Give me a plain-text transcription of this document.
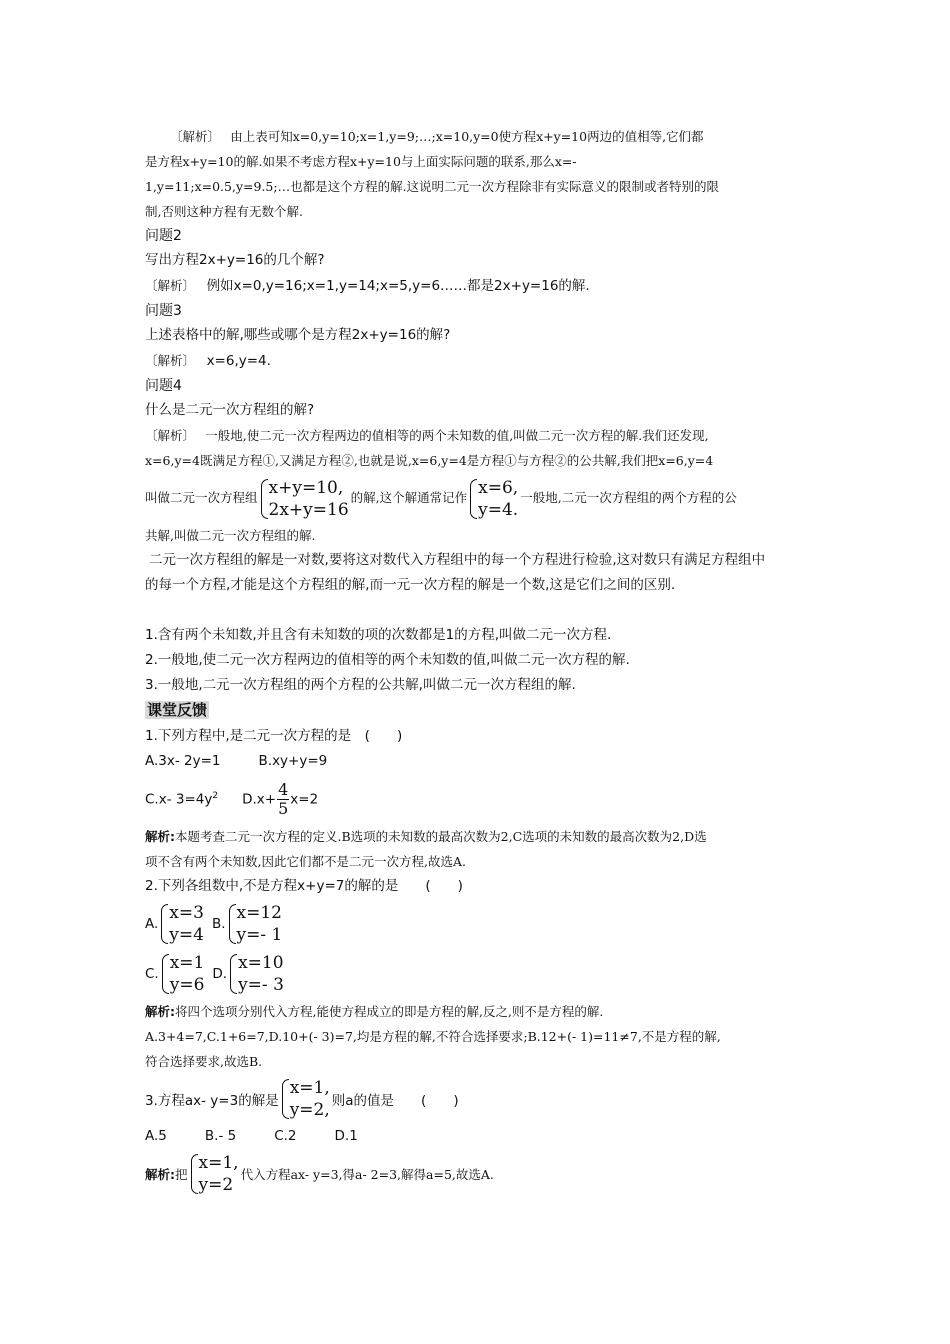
〔解析〕　 由上表可知x=0,y=10;x=1,y=9;…;x=10,y=0使方程x+y=10两边的值相等,它们都

是方程x+y=10的解.如果不考虑方程x+y=10与上面实际问题的联系,那么x=-

1,y=11;x=0.5,y=9.5;…也都是这个方程的解.这说明二元一次方程除非有实际意义的限制或者特别的限

制,否则这种方程有无数个解.

问题2

写出方程2x+y=16的几个解?

〔解析〕　 例如x=0,y=16;x=1,y=14;x=5,y=6……都是2x+y=16的解.

问题3

上述表格中的解,哪些或哪个是方程2x+y=16的解?

〔解析〕　 x=6,y=4.

问题4

什么是二元一次方程组的解?

〔解析〕　 一般地,使二元一次方程两边的值相等的两个未知数的值,叫做二元一次方程的解.我们还发现,

x=6,y=4既满足方程①,又满足方程②,也就是说,x=6,y=4是方程①与方程②的公共解,我们把x=6,y=4

叫做二元一次方程组 x+y=10,
2x+y=16
的解,这个解通常记作 x=6,
y=4.
一般地,二元一次方程组的两个方程的公

共解,叫做二元一次方程组的解.

二元一次方程组的解是一对数,要将这对数代入方程组中的每一个方程进行检验,这对数只有满足方程组中

的每一个方程,才能是这个方程组的解,而一元一次方程的解是一个数,这是它们之间的区别.

1.含有两个未知数,并且含有未知数的项的次数都是1的方程,叫做二元一次方程.

2.一般地,使二元一次方程两边的值相等的两个未知数的值,叫做二元一次方程的解.

3.一般地,二元一次方程组的两个方程的公共解,叫做二元一次方程组的解.

课堂反馈

1.下列方程中,是二元一次方程的是　(　　)

A.3x- 2y=1	B.xy+y=9

C.x- $3=4y^2$ $D.x+ \frac{4}{5} x=2$

解析:本题考查二元一次方程的定义.B选项的未知数的最高次数为2,C选项的未知数的最高次数为2,D选

项不含有两个未知数,因此它们都不是二元一次方程,故选A.

2.下列各组数中,不是方程x+y=7的解的是　　(　　)

A.
x=3
y=4
B.
x=12
y=- 1
C.
x=1
y=6
D.
x=10
y=- 3

解析:将四个选项分别代入方程,能使方程成立的即是方程的解,反之,则不是方程的解.

A.3+4=7,C.1+6=7,D.10+(- 3)=7,均是方程的解,不符合选择要求;B.12+(- 1)=11≠7,不是方程的解,

符合选择要求,故选B.

3.方程ax- y=3的解是
x=1,
y=2, 则a的值是　　(　　)

A.5	B.- 5	C.2	D.1

解析: 把
x=1,
y=2
代入方程ax- y=3,得a- 2=3,解得a=5,故选A.
